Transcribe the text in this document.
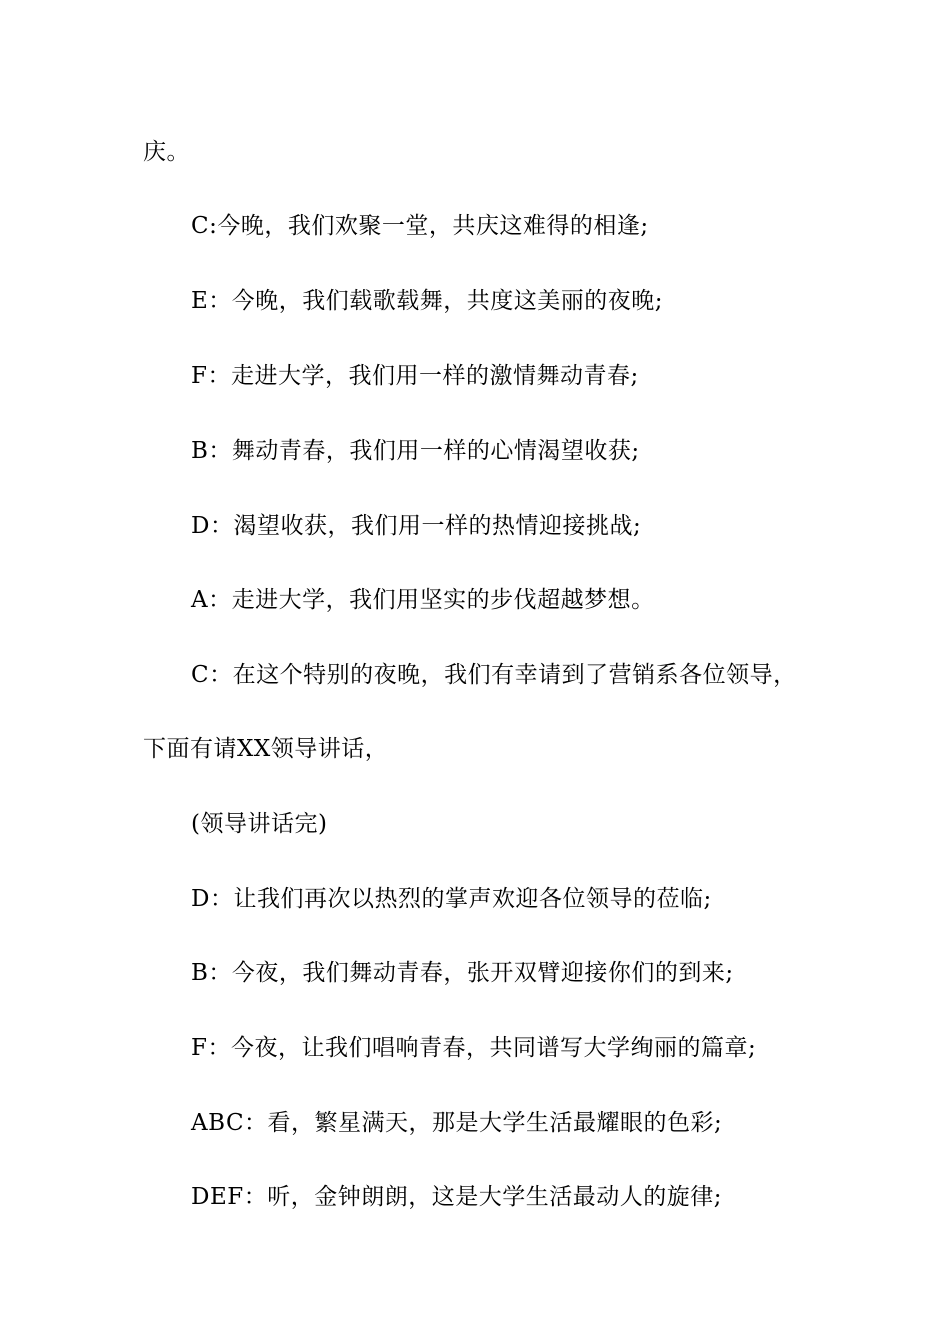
庆。
C:今晚，我们欢聚一堂，共庆这难得的相逢;
E：今晚，我们载歌载舞，共度这美丽的夜晚;
F：走进大学，我们用一样的激情舞动青春;
B：舞动青春，我们用一样的心情渴望收获;
D：渴望收获，我们用一样的热情迎接挑战;
A：走进大学，我们用坚实的步伐超越梦想。
C：在这个特别的夜晚，我们有幸请到了营销系各位领导，
下面有请XX领导讲话，
(领导讲话完)
D：让我们再次以热烈的掌声欢迎各位领导的莅临;
B：今夜，我们舞动青春，张开双臂迎接你们的到来;
F：今夜，让我们唱响青春，共同谱写大学绚丽的篇章;
ABC：看，繁星满天，那是大学生活最耀眼的色彩;
DEF：听，金钟朗朗，这是大学生活最动人的旋律;
